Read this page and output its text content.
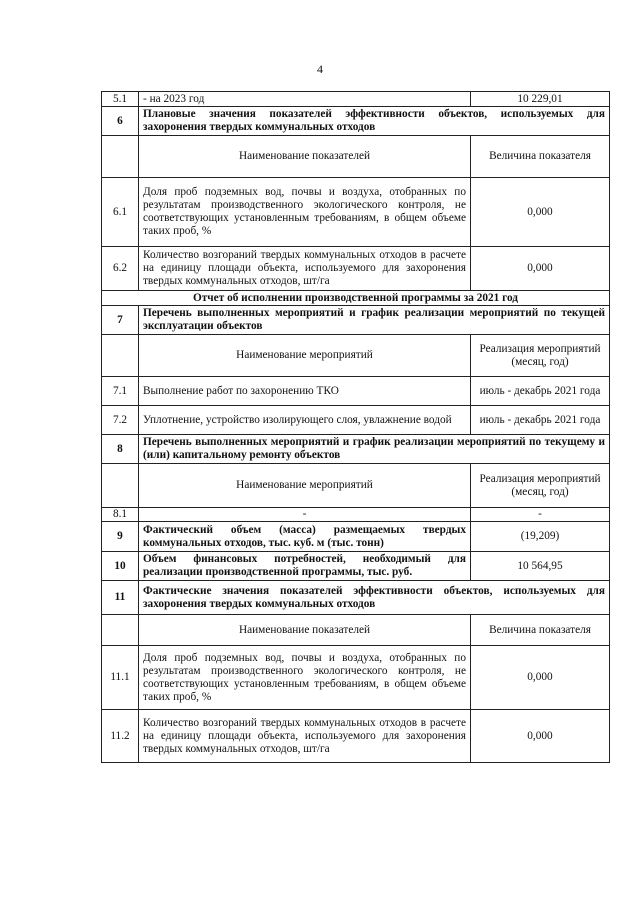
4
5.1	- на 2023 год	10 229,01
6	Плановые значения показателей эффективности объектов, используемых для захоронения твердых коммунальных отходов	
	Наименование показателей	Величина показателя
6.1	Доля проб подземных вод, почвы и воздуха, отобранных по результатам производственного экологического контроля, не соответствующих установленным требованиям, в общем объеме таких проб, %	0,000
6.2	Количество возгораний твердых коммунальных отходов в расчете на единицу площади объекта, используемого для захоронения твердых коммунальных отходов, шт/га	0,000
Отчет об исполнении производственной программы за 2021 год		
7	Перечень выполненных мероприятий и график реализации мероприятий по текущей эксплуатации объектов	
	Наименование мероприятий	Реализация мероприятий (месяц, год)
7.1	Выполнение работ по захоронению ТКО	июль - декабрь 2021 года
7.2	Уплотнение, устройство изолирующего слоя, увлажнение водой	июль - декабрь 2021 года
8	Перечень выполненных мероприятий и график реализации мероприятий по текущему и (или) капитальному ремонту объектов	
	Наименование мероприятий	Реализация мероприятий (месяц, год)
8.1	-	-
9	Фактический объем (масса) размещаемых твердых коммунальных отходов, тыс. куб. м (тыс. тонн)	(19,209)
10	Объем финансовых потребностей, необходимый для реализации производственной программы, тыс. руб.	10 564,95
11	Фактические значения показателей эффективности объектов, используемых для захоронения твердых коммунальных отходов	
	Наименование показателей	Величина показателя
11.1	Доля проб подземных вод, почвы и воздуха, отобранных по результатам производственного экологического контроля, не соответствующих установленным требованиям, в общем объеме таких проб, %	0,000
11.2	Количество возгораний твердых коммунальных отходов в расчете на единицу площади объекта, используемого для захоронения твердых коммунальных отходов, шт/га	0,000
